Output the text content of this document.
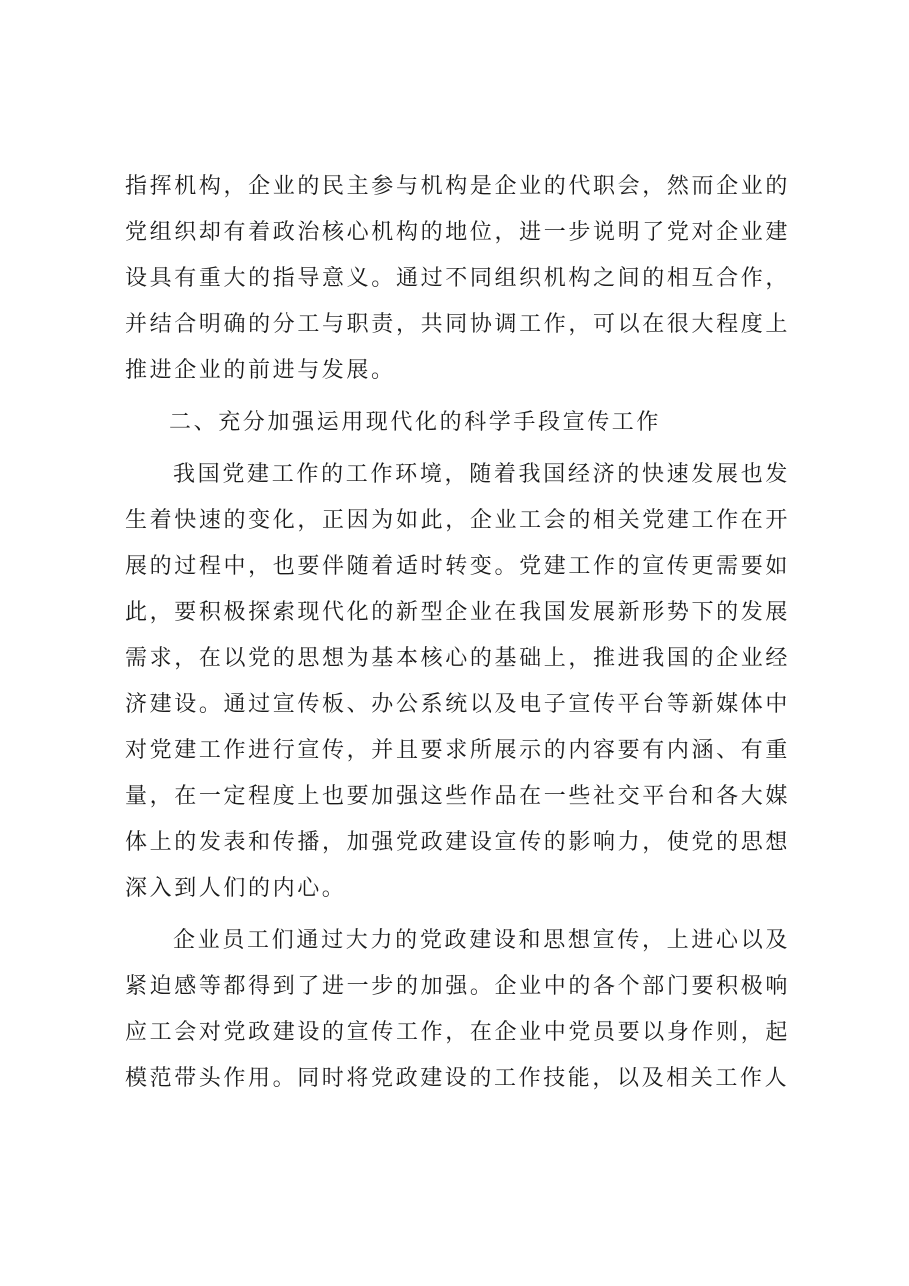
指挥机构，企业的民主参与机构是企业的代职会，然而企业的党组织却有着政治核心机构的地位，进一步说明了党对企业建设具有重大的指导意义。通过不同组织机构之间的相互合作，并结合明确的分工与职责，共同协调工作，可以在很大程度上推进企业的前进与发展。

二、充分加强运用现代化的科学手段宣传工作

我国党建工作的工作环境，随着我国经济的快速发展也发生着快速的变化，正因为如此，企业工会的相关党建工作在开展的过程中，也要伴随着适时转变。党建工作的宣传更需要如此，要积极探索现代化的新型企业在我国发展新形势下的发展需求，在以党的思想为基本核心的基础上，推进我国的企业经济建设。通过宣传板、办公系统以及电子宣传平台等新媒体中对党建工作进行宣传，并且要求所展示的内容要有内涵、有重量，在一定程度上也要加强这些作品在一些社交平台和各大媒体上的发表和传播，加强党政建设宣传的影响力，使党的思想深入到人们的内心。

企业员工们通过大力的党政建设和思想宣传，上进心以及紧迫感等都得到了进一步的加强。企业中的各个部门要积极响应工会对党政建设的宣传工作，在企业中党员要以身作则，起模范带头作用。同时将党政建设的工作技能，以及相关工作人
